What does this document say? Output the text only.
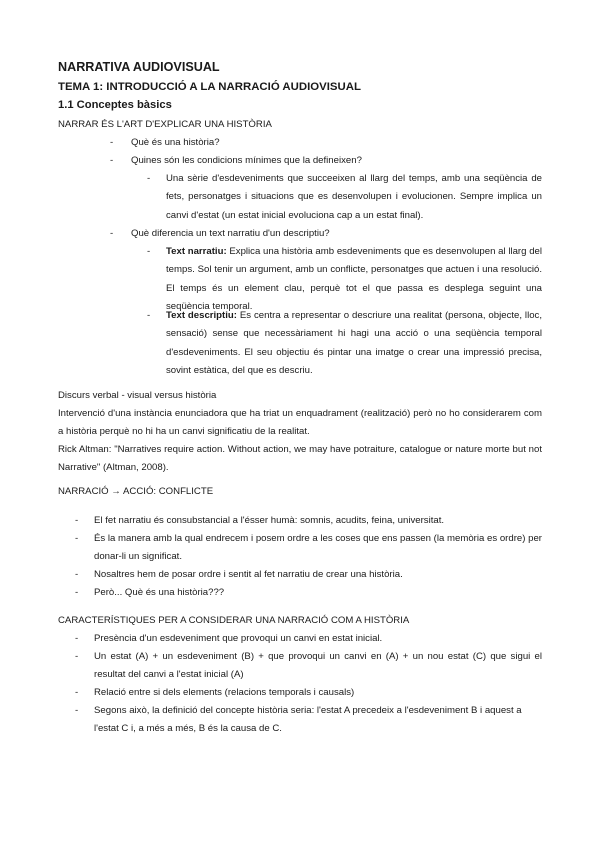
NARRATIVA AUDIOVISUAL
TEMA 1: INTRODUCCIÓ A LA NARRACIÓ AUDIOVISUAL
1.1 Conceptes bàsics
NARRAR ÉS L'ART D'EXPLICAR UNA HISTÒRIA
- Què és una història?
- Quines són les condicions mínimes que la defineixen?
- Una sèrie d'esdeveniments que succeeixen al llarg del temps, amb una seqüència de fets, personatges i situacions que es desenvolupen i evolucionen. Sempre implica un canvi d'estat (un estat inicial evoluciona cap a un estat final).
- Què diferencia un text narratiu d'un descriptiu?
- Text narratiu: Explica una història amb esdeveniments que es desenvolupen al llarg del temps. Sol tenir un argument, amb un conflicte, personatges que actuen i una resolució. El temps és un element clau, perquè tot el que passa es desplega seguint una seqüència temporal.
- Text descriptiu: Es centra a representar o descriure una realitat (persona, objecte, lloc, sensació) sense que necessàriament hi hagi una acció o una seqüència temporal d'esdeveniments. El seu objectiu és pintar una imatge o crear una impressió precisa, sovint estàtica, del que es descriu.
Discurs verbal - visual versus història
Intervenció d'una instància enunciadora que ha triat un enquadrament (realització) però no ho considerarem com a història perquè no hi ha un canvi significatiu de la realitat.
Rick Altman: "Narratives require action. Without action, we may have potraiture, catalogue or nature morte but not Narrative" (Altman, 2008).
NARRACIÓ → ACCIÓ: CONFLICTE
- El fet narratiu és consubstancial a l'ésser humà: somnis, acudits, feina, universitat.
- És la manera amb la qual endrecem i posem ordre a les coses que ens passen (la memòria es ordre) per donar-li un significat.
- Nosaltres hem de posar ordre i sentit al fet narratiu de crear una història.
- Però... Què és una història???
CARACTERÍSTIQUES PER A CONSIDERAR UNA NARRACIÓ COM A HISTÒRIA
- Presència d'un esdeveniment que provoqui un canvi en estat inicial.
- Un estat (A) + un esdeveniment (B) + que provoqui un canvi en (A) + un nou estat (C) que sigui el resultat del canvi a l'estat inicial (A)
- Relació entre si dels elements (relacions temporals i causals)
- Segons això, la definició del concepte història seria: l'estat A precedeix a l'esdeveniment B i aquest a l'estat C i, a més a més, B és la causa de C.
